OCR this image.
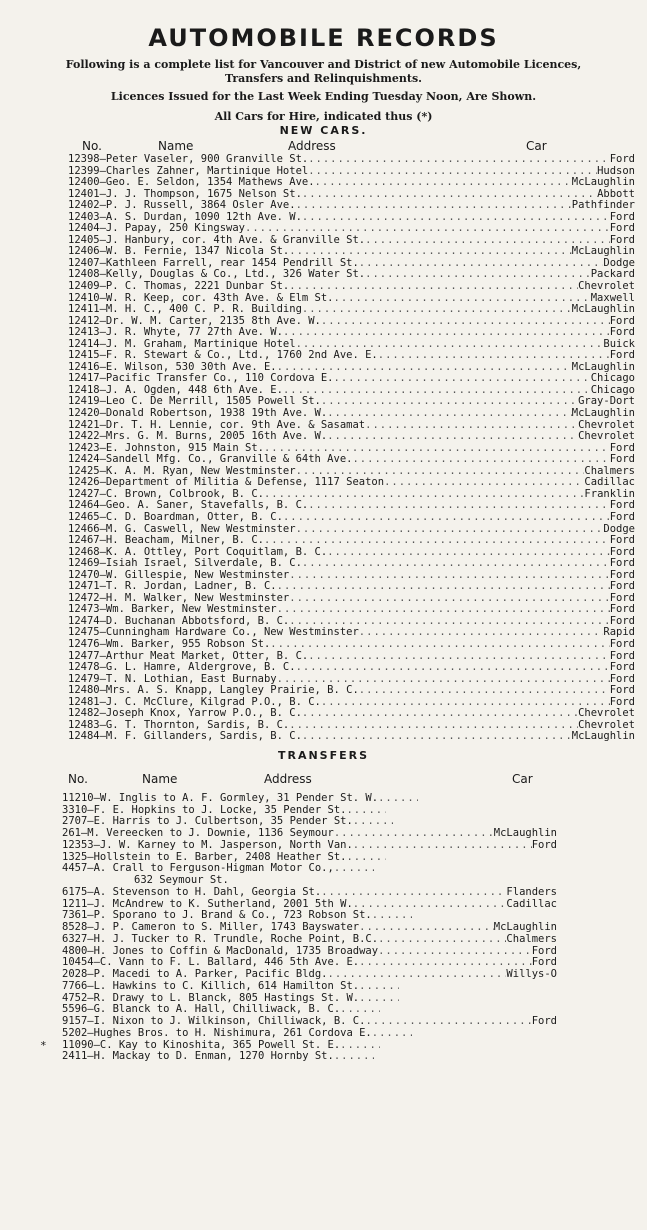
AUTOMOBILE RECORDS
Following is a complete list for Vancouver and District of new Automobile Licences, Transfers and Relinquishments.
Licences Issued for the Last Week Ending Tuesday Noon, Are Shown.
All Cars for Hire, indicated thus (*)
NEW CARS.
No.	Name	Address	Car
12398—Peter Vaseler, 900 Granville St. .....	Ford
12399—Charles Zahner, Martinique Hotel .....	Hudson
12400—Geo. E. Seldon, 1354 Mathews Ave. .....	McLaughlin
12401—J. J. Thompson, 1675 Nelson St. .....	Abbott
12402—P. J. Russell, 3864 Osler Ave. .....	Pathfinder
12403—A. S. Durdan, 1090 12th Ave. W. .....	Ford
12404—J. Papay, 250 Kingsway .....	Ford
12405—J. Hanbury, cor. 4th Ave. & Granville St. .....	Ford
12406—W. B. Fernie, 1347 Nicola St. .....	McLaughlin
12407—Kathleen Farrell, rear 1454 Pendrill St. .....	Dodge
12408—Kelly, Douglas & Co., Ltd., 326 Water St. .....	Packard
12409—P. C. Thomas, 2221 Dunbar St. .....	Chevrolet
12410—W. R. Keep, cor. 43th Ave. & Elm St. .....	Maxwell
12411—M. H. C., 400 C. P. R. Building .....	McLaughlin
12412—Dr. W. M. Carter, 2135 8th Ave. W. .....	Ford
12413—J. R. Whyte, 77 27th Ave. W. .....	Ford
12414—J. M. Graham, Martinique Hotel .....	Buick
12415—F. R. Stewart & Co., Ltd., 1760 2nd Ave. E. .....	Ford
12416—E. Wilson, 530 30th Ave. E. .....	McLaughlin
12417—Pacific Transfer Co., 110 Cordova E. .....	Chicago
12418—J. A. Ogden, 448 6th Ave. E. .....	Chicago
12419—Leo C. De Merrill, 1505 Powell St. .....	Gray-Dort
12420—Donald Robertson, 1938 19th Ave. W. .....	McLaughlin
12421—Dr. T. H. Lennie, cor. 9th Ave. & Sasamat .....	Chevrolet
12422—Mrs. G. M. Burns, 2005 16th Ave. W. .....	Chevrolet
12423—E. Johnston, 915 Main St. .....	Ford
12424—Sandell Mfg. Co., Granville & 64th Ave. .....	Ford
12425—K. A. M. Ryan, New Westminster .....	Chalmers
12426—Department of Militia & Defense, 1117 Seaton .....	Cadillac
12427—C. Brown, Colbrook, B. C. .....	Franklin
12464—Geo. A. Saner, Stavefalls, B. C. .....	Ford
12465—C. D. Boardman, Otter, B. C. .....	Ford
12466—M. G. Caswell, New Westminster .....	Dodge
12467—H. Beacham, Milner, B. C. .....	Ford
12468—K. A. Ottley, Port Coquitlam, B. C. .....	Ford
12469—Isiah Israel, Silverdale, B. C. .....	Ford
12470—W. Gillespie, New Westminster .....	Ford
12471—T. R. Jordan, Ladner, B. C. .....	Ford
12472—H. M. Walker, New Westminster .....	Ford
12473—Wm. Barker, New Westminster .....	Ford
12474—D. Buchanan Abbotsford, B. C. .....	Ford
12475—Cunningham Hardware Co., New Westminster .....	Rapid
12476—Wm. Barker, 955 Robson St. .....	Ford
12477—Arthur Meat Market, Otter, B. C. .....	Ford
12478—G. L. Hamre, Aldergrove, B. C. .....	Ford
12479—T. N. Lothian, East Burnaby .....	Ford
12480—Mrs. A. S. Knapp, Langley Prairie, B. C. .....	Ford
12481—J. C. McClure, Kilgrad P.O., B. C. .....	Ford
12482—Joseph Knox, Yarrow P.O., B. C. .....	Chevrolet
12483—G. T. Thornton, Sardis, B. C. .....	Chevrolet
12484—M. F. Gillanders, Sardis, B. C. .....	McLaughlin
TRANSFERS
No.	Name	Address	Car
11210—W. Inglis to A. F. Gormley, 31 Pender St. W.
.....
3310—F. E. Hopkins to J. Locke, 35 Pender St.
.....
2707—E. Harris to J. Culbertson, 35 Pender St.
.....
261—M. Vereecken to J. Downie, 1136 Seymour .....	McLaughlin
12353—J. W. Karney to M. Jasperson, North Van. .....	Ford
1325—Hollstein to E. Barber, 2408 Heather St.
.....
4457—A. Crall to Ferguson-Higman Motor Co.,
.....
632 Seymour St.
6175—A. Stevenson to H. Dahl, Georgia St. .....	Flanders
1211—J. McAndrew to K. Sutherland, 2001 5th W. .....	Cadillac
7361—P. Sporano to J. Brand & Co., 723 Robson St.
.....
8528—J. P. Cameron to S. Miller, 1743 Bayswater .....	McLaughlin
6327—H. J. Tucker to R. Trundle, Roche Point, B.C. .....	Chalmers
4800—H. Jones to Coffin & MacDonald, 1735 Broadway .....	Ford
10454—C. Vann to F. L. Ballard, 446 5th Ave. E. .....	Ford
2028—P. Macedi to A. Parker, Pacific Bldg. .....	Willys-O
7766—L. Hawkins to C. Killich, 614 Hamilton St.
.....
4752—R. Drawy to L. Blanck, 805 Hastings St. W.
.....
5596—G. Blanck to A. Hall, Chilliwack, B. C.
.....
9157—I. Nixon to J. Wilkinson, Chilliwack, B. C. .....	Ford
5202—Hughes Bros. to H. Nishimura, 261 Cordova E.
.....
* 11090—C. Kay to Kinoshita, 365 Powell St. E.
.....
2411—H. Mackay to D. Enman, 1270 Hornby St.
.....
